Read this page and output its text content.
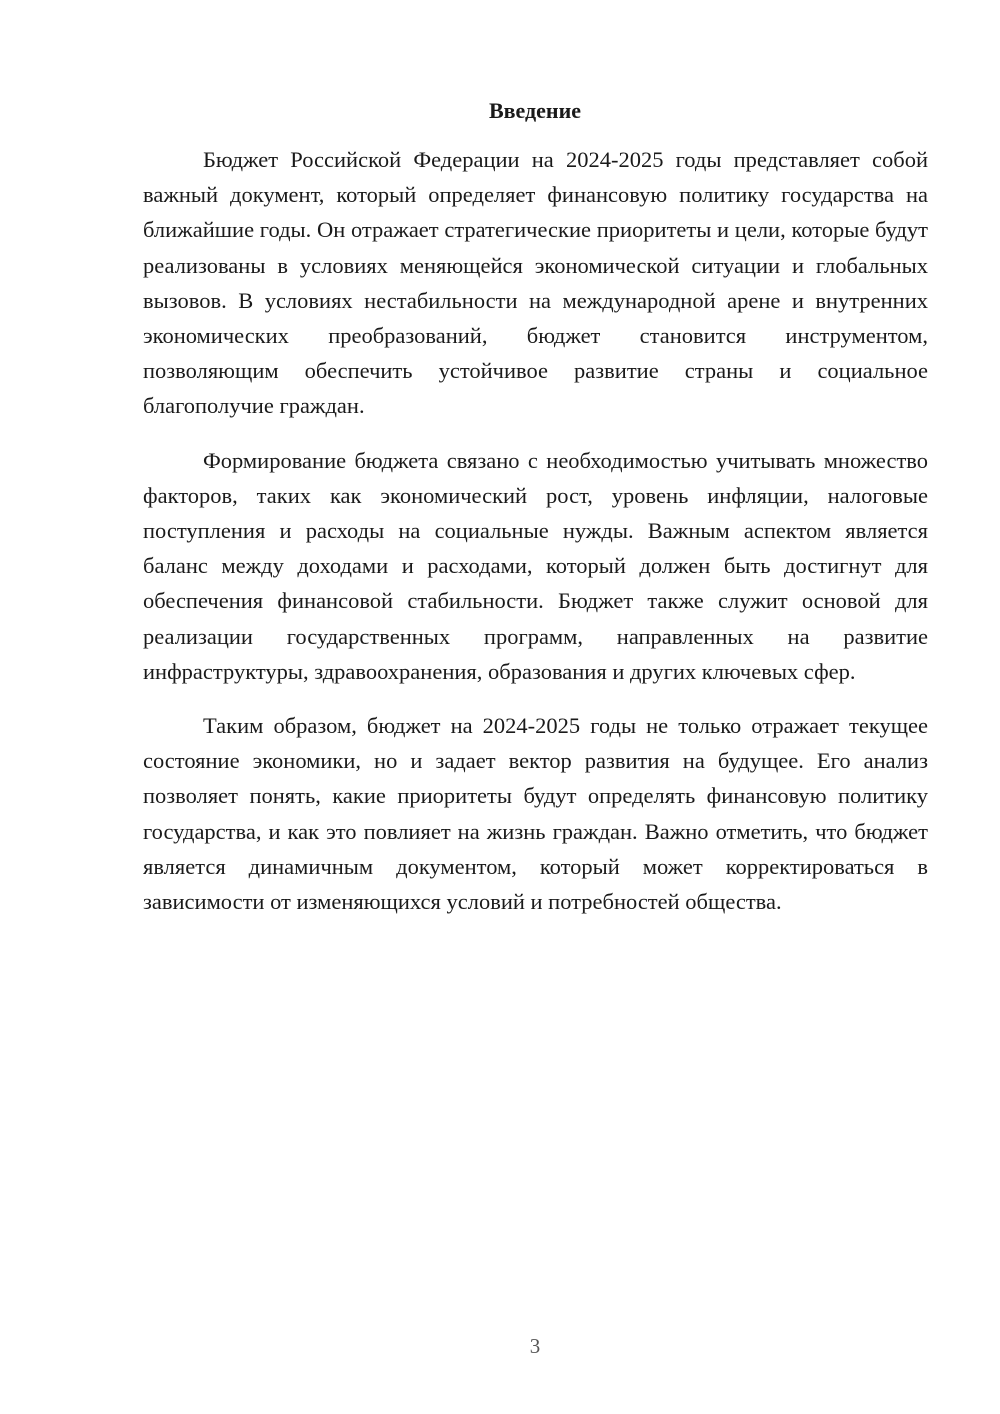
Введение

Бюджет Российской Федерации на 2024-2025 годы представляет собой важный документ, который определяет финансовую политику государства на ближайшие годы. Он отражает стратегические приоритеты и цели, которые будут реализованы в условиях меняющейся экономической ситуации и глобальных вызовов. В условиях нестабильности на международной арене и внутренних экономических преобразований, бюджет становится инструментом, позволяющим обеспечить устойчивое развитие страны и социальное благополучие граждан.

Формирование бюджета связано с необходимостью учитывать множество факторов, таких как экономический рост, уровень инфляции, налоговые поступления и расходы на социальные нужды. Важным аспектом является баланс между доходами и расходами, который должен быть достигнут для обеспечения финансовой стабильности. Бюджет также служит основой для реализации государственных программ, направленных на развитие инфраструктуры, здравоохранения, образования и других ключевых сфер.

Таким образом, бюджет на 2024-2025 годы не только отражает текущее состояние экономики, но и задает вектор развития на будущее. Его анализ позволяет понять, какие приоритеты будут определять финансовую политику государства, и как это повлияет на жизнь граждан. Важно отметить, что бюджет является динамичным документом, который может корректироваться в зависимости от изменяющихся условий и потребностей общества.

3
